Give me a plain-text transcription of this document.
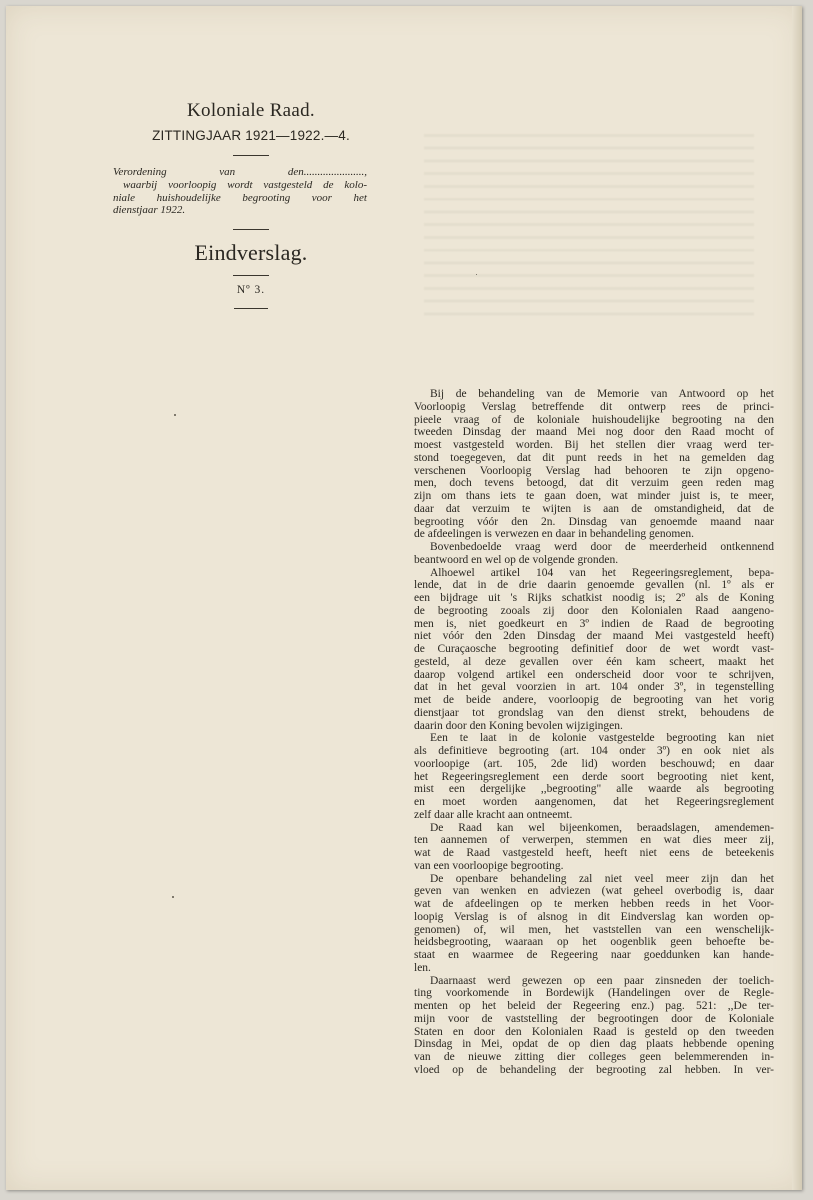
Koloniale Raad.
ZITTINGJAAR 1921—1922.—4.
Verordening van den......................,
waarbij voorloopig wordt vastgesteld de kolo-
niale huishoudelijke begrooting voor het
dienstjaar 1922.
Eindverslag.
Nº 3.
Bij de behandeling van de Memorie van Antwoord op het
Voorloopig Verslag betreffende dit ontwerp rees de princi-
pieele vraag of de koloniale huishoudelijke begrooting na den
tweeden Dinsdag der maand Mei nog door den Raad mocht of
moest vastgesteld worden. Bij het stellen dier vraag werd ter-
stond toegegeven, dat dit punt reeds in het na gemelden dag
verschenen Voorloopig Verslag had behooren te zijn opgeno-
men, doch tevens betoogd, dat dit verzuim geen reden mag
zijn om thans iets te gaan doen, wat minder juist is, te meer,
daar dat verzuim te wijten is aan de omstandigheid, dat de
begrooting vóór den 2n. Dinsdag van genoemde maand naar
de afdeelingen is verwezen en daar in behandeling genomen.
Bovenbedoelde vraag werd door de meerderheid ontkennend
beantwoord en wel op de volgende gronden.
Alhoewel artikel 104 van het Regeeringsreglement, bepa-
lende, dat in de drie daarin genoemde gevallen (nl. 1º als er
een bijdrage uit 's Rijks schatkist noodig is; 2º als de Koning
de begrooting zooals zij door den Kolonialen Raad aangeno-
men is, niet goedkeurt en 3º indien de Raad de begrooting
niet vóór den 2den Dinsdag der maand Mei vastgesteld heeft)
de Curaçaosche begrooting definitief door de wet wordt vast-
gesteld, al deze gevallen over één kam scheert, maakt het
daarop volgend artikel een onderscheid door voor te schrijven,
dat in het geval voorzien in art. 104 onder 3º, in tegenstelling
met de beide andere, voorloopig de begrooting van het vorig
dienstjaar tot grondslag van den dienst strekt, behoudens de
daarin door den Koning bevolen wijzigingen.
Een te laat in de kolonie vastgestelde begrooting kan niet
als definitieve begrooting (art. 104 onder 3º) en ook niet als
voorloopige (art. 105, 2de lid) worden beschouwd; en daar
het Regeeringsreglement een derde soort begrooting niet kent,
mist een dergelijke ,,begrooting" alle waarde als begrooting
en moet worden aangenomen, dat het Regeeringsreglement
zelf daar alle kracht aan ontneemt.
De Raad kan wel bijeenkomen, beraadslagen, amendemen-
ten aannemen of verwerpen, stemmen en wat dies meer zij,
wat de Raad vastgesteld heeft, heeft niet eens de beteekenis
van een voorloopige begrooting.
De openbare behandeling zal niet veel meer zijn dan het
geven van wenken en adviezen (wat geheel overbodig is, daar
wat de afdeelingen op te merken hebben reeds in het Voor-
loopig Verslag is of alsnog in dit Eindverslag kan worden op-
genomen) of, wil men, het vaststellen van een wenschelijk-
heidsbegrooting, waaraan op het oogenblik geen behoefte be-
staat en waarmee de Regeering naar goeddunken kan hande-
len.
Daarnaast werd gewezen op een paar zinsneden der toelich-
ting voorkomende in Bordewijk (Handelingen over de Regle-
menten op het beleid der Regeering enz.) pag. 521: ,,De ter-
mijn voor de vaststelling der begrootingen door de Koloniale
Staten en door den Kolonialen Raad is gesteld op den tweeden
Dinsdag in Mei, opdat de op dien dag plaats hebbende opening
van de nieuwe zitting dier colleges geen belemmerenden in-
vloed op de behandeling der begrooting zal hebben. In ver-
